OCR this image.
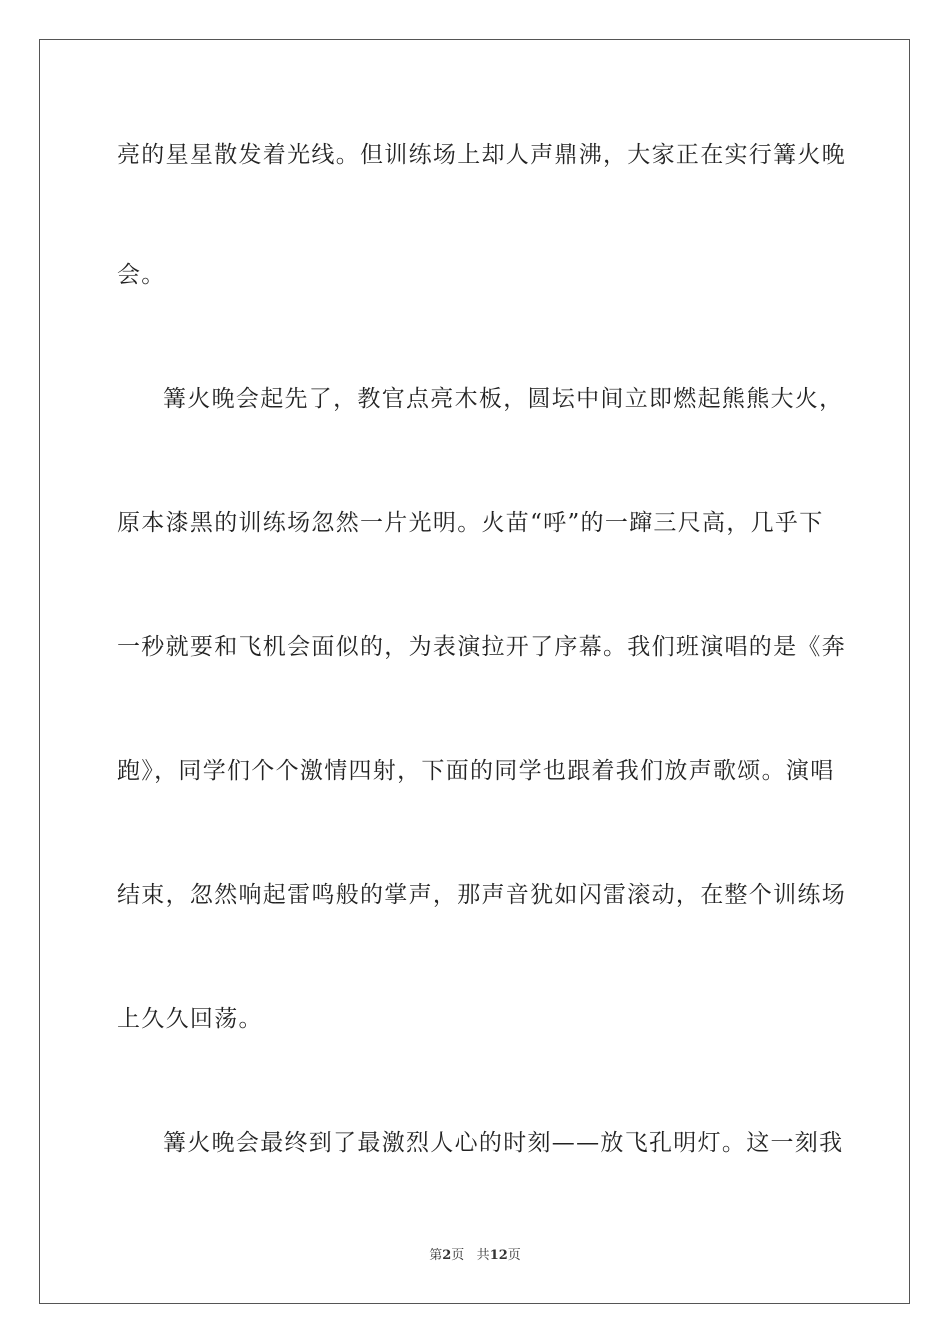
亮的星星散发着光线。但训练场上却人声鼎沸，大家正在实行篝火晚
会。
篝火晚会起先了，教官点亮木板，圆坛中间立即燃起熊熊大火，
原本漆黑的训练场忽然一片光明。火苗“呼”的一蹿三尺高，几乎下
一秒就要和飞机会面似的，为表演拉开了序幕。我们班演唱的是《奔
跑》，同学们个个激情四射，下面的同学也跟着我们放声歌颂。演唱
结束，忽然响起雷鸣般的掌声，那声音犹如闪雷滚动，在整个训练场
上久久回荡。
篝火晚会最终到了最激烈人心的时刻——放飞孔明灯。这一刻我
第2页 共12页
